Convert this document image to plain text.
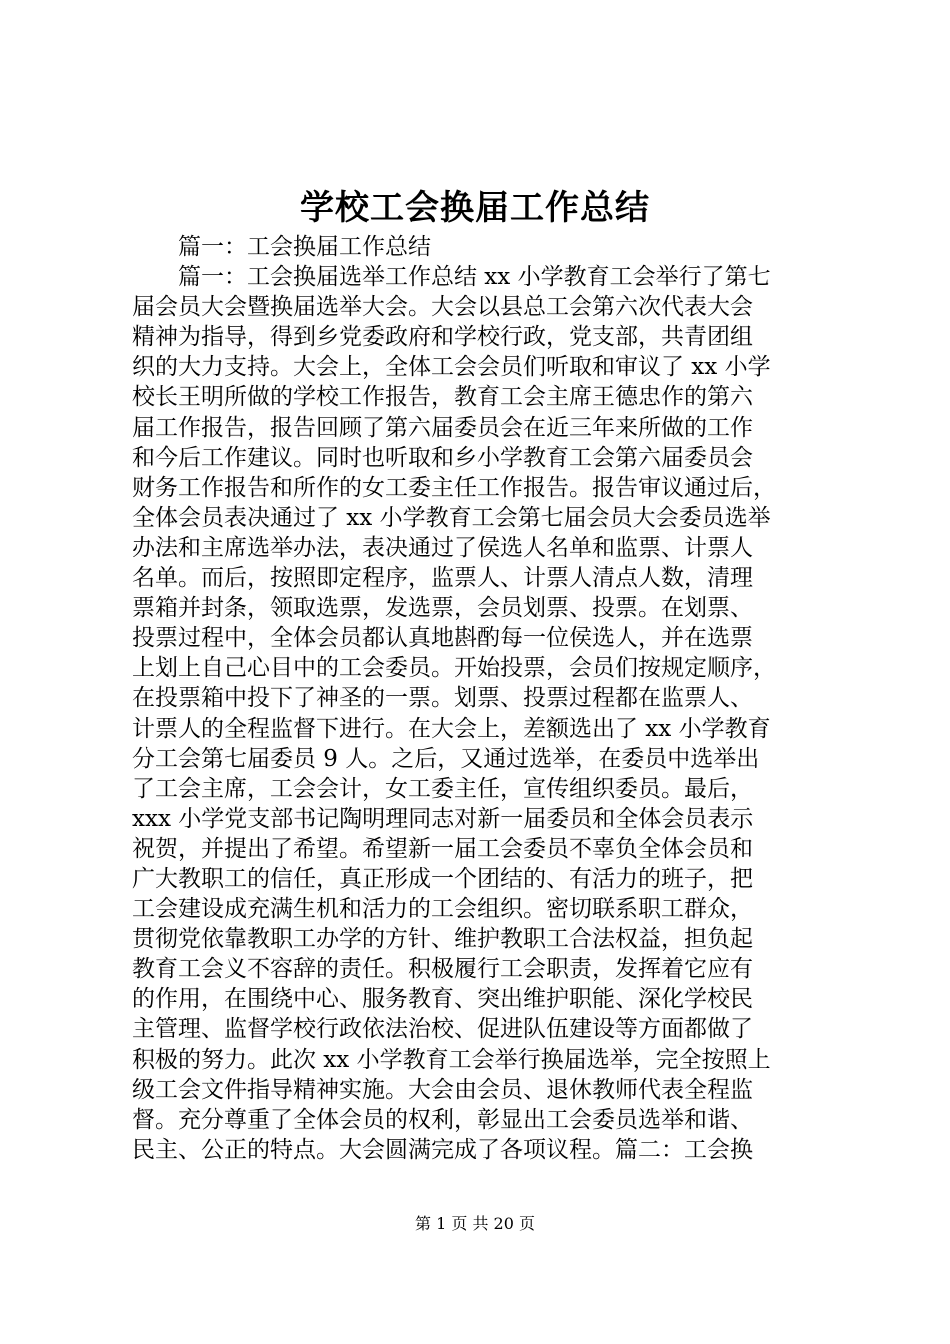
学校工会换届工作总结
　　篇一：工会换届工作总结
　　篇一：工会换届选举工作总结 xx 小学教育工会举行了第七
届会员大会暨换届选举大会。大会以县总工会第六次代表大会
精神为指导，得到乡党委政府和学校行政，党支部，共青团组
织的大力支持。大会上，全体工会会员们听取和审议了 xx 小学
校长王明所做的学校工作报告，教育工会主席王德忠作的第六
届工作报告，报告回顾了第六届委员会在近三年来所做的工作
和今后工作建议。同时也听取和乡小学教育工会第六届委员会
财务工作报告和所作的女工委主任工作报告。报告审议通过后，
全体会员表决通过了 xx 小学教育工会第七届会员大会委员选举
办法和主席选举办法，表决通过了侯选人名单和监票、计票人
名单。而后，按照即定程序，监票人、计票人清点人数，清理
票箱并封条，领取选票，发选票，会员划票、投票。在划票、
投票过程中，全体会员都认真地斟酌每一位侯选人，并在选票
上划上自己心目中的工会委员。开始投票，会员们按规定顺序，
在投票箱中投下了神圣的一票。划票、投票过程都在监票人、
计票人的全程监督下进行。在大会上，差额选出了 xx 小学教育
分工会第七届委员 9 人。之后，又通过选举，在委员中选举出
了工会主席，工会会计，女工委主任，宣传组织委员。最后，
xxx 小学党支部书记陶明理同志对新一届委员和全体会员表示
祝贺，并提出了希望。希望新一届工会委员不辜负全体会员和
广大教职工的信任，真正形成一个团结的、有活力的班子，把
工会建设成充满生机和活力的工会组织。密切联系职工群众，
贯彻党依靠教职工办学的方针、维护教职工合法权益，担负起
教育工会义不容辞的责任。积极履行工会职责，发挥着它应有
的作用，在围绕中心、服务教育、突出维护职能、深化学校民
主管理、监督学校行政依法治校、促进队伍建设等方面都做了
积极的努力。此次 xx 小学教育工会举行换届选举，完全按照上
级工会文件指导精神实施。大会由会员、退休教师代表全程监
督。充分尊重了全体会员的权利，彰显出工会委员选举和谐、
民主、公正的特点。大会圆满完成了各项议程。篇二：工会换
第 1 页 共 20 页
